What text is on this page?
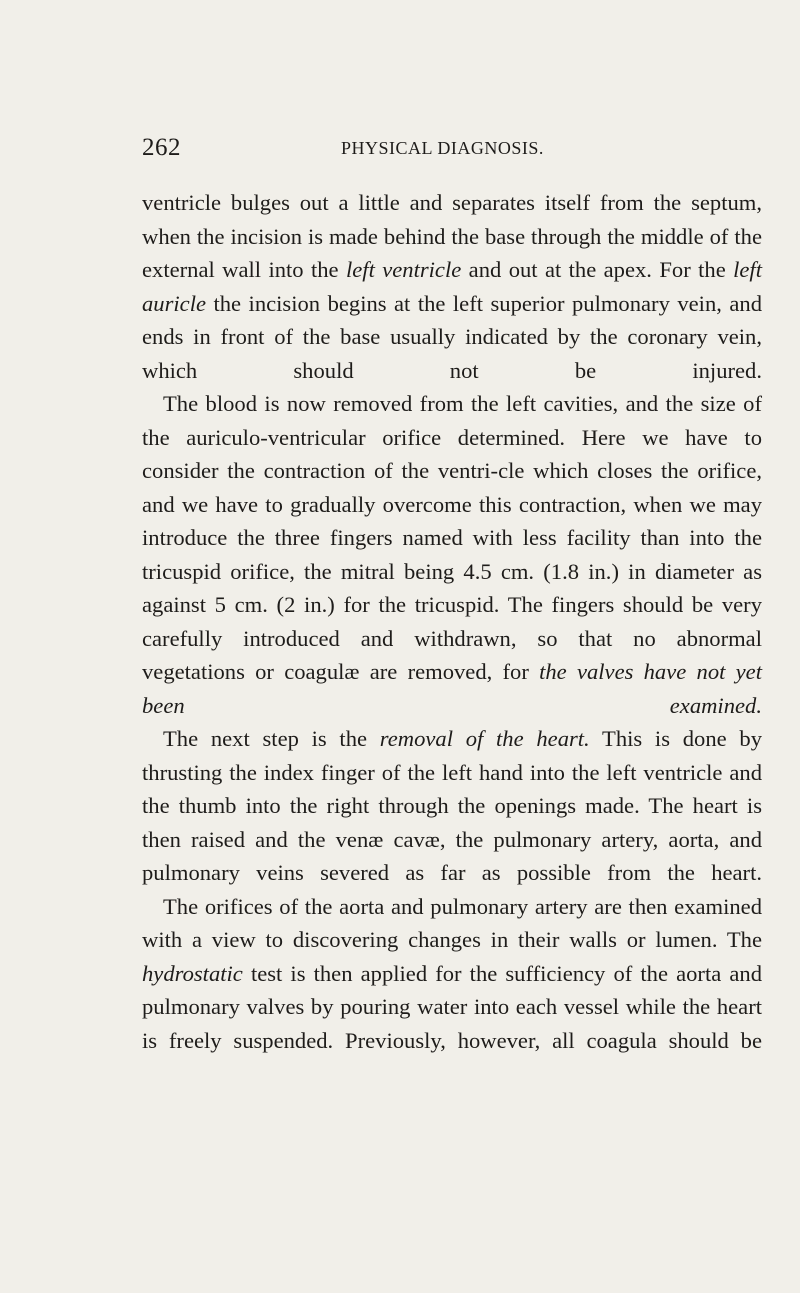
262	PHYSICAL DIAGNOSIS.

ventricle bulges out a little and separates itself from the septum, when the incision is made behind the base through the middle of the external wall into the left ventricle and out at the apex. For the left auricle the incision begins at the left superior pulmonary vein, and ends in front of the base usually indicated by the coronary vein, which should not be injured.

The blood is now removed from the left cavities, and the size of the auriculo-ventricular orifice determined. Here we have to consider the contraction of the ventri-cle which closes the orifice, and we have to gradually overcome this contraction, when we may introduce the three fingers named with less facility than into the tricuspid orifice, the mitral being 4.5 cm. (1.8 in.) in diameter as against 5 cm. (2 in.) for the tricuspid. The fingers should be very carefully introduced and withdrawn, so that no abnormal vegetations or coagulæ are removed, for the valves have not yet been examined.

The next step is the removal of the heart. This is done by thrusting the index finger of the left hand into the left ventricle and the thumb into the right through the openings made. The heart is then raised and the venæ cavæ, the pulmonary artery, aorta, and pulmonary veins severed as far as possible from the heart.

The orifices of the aorta and pulmonary artery are then examined with a view to discovering changes in their walls or lumen. The hydrostatic test is then applied for the sufficiency of the aorta and pulmonary valves by pouring water into each vessel while the heart is freely suspended. Previously, however, all coagula should be
